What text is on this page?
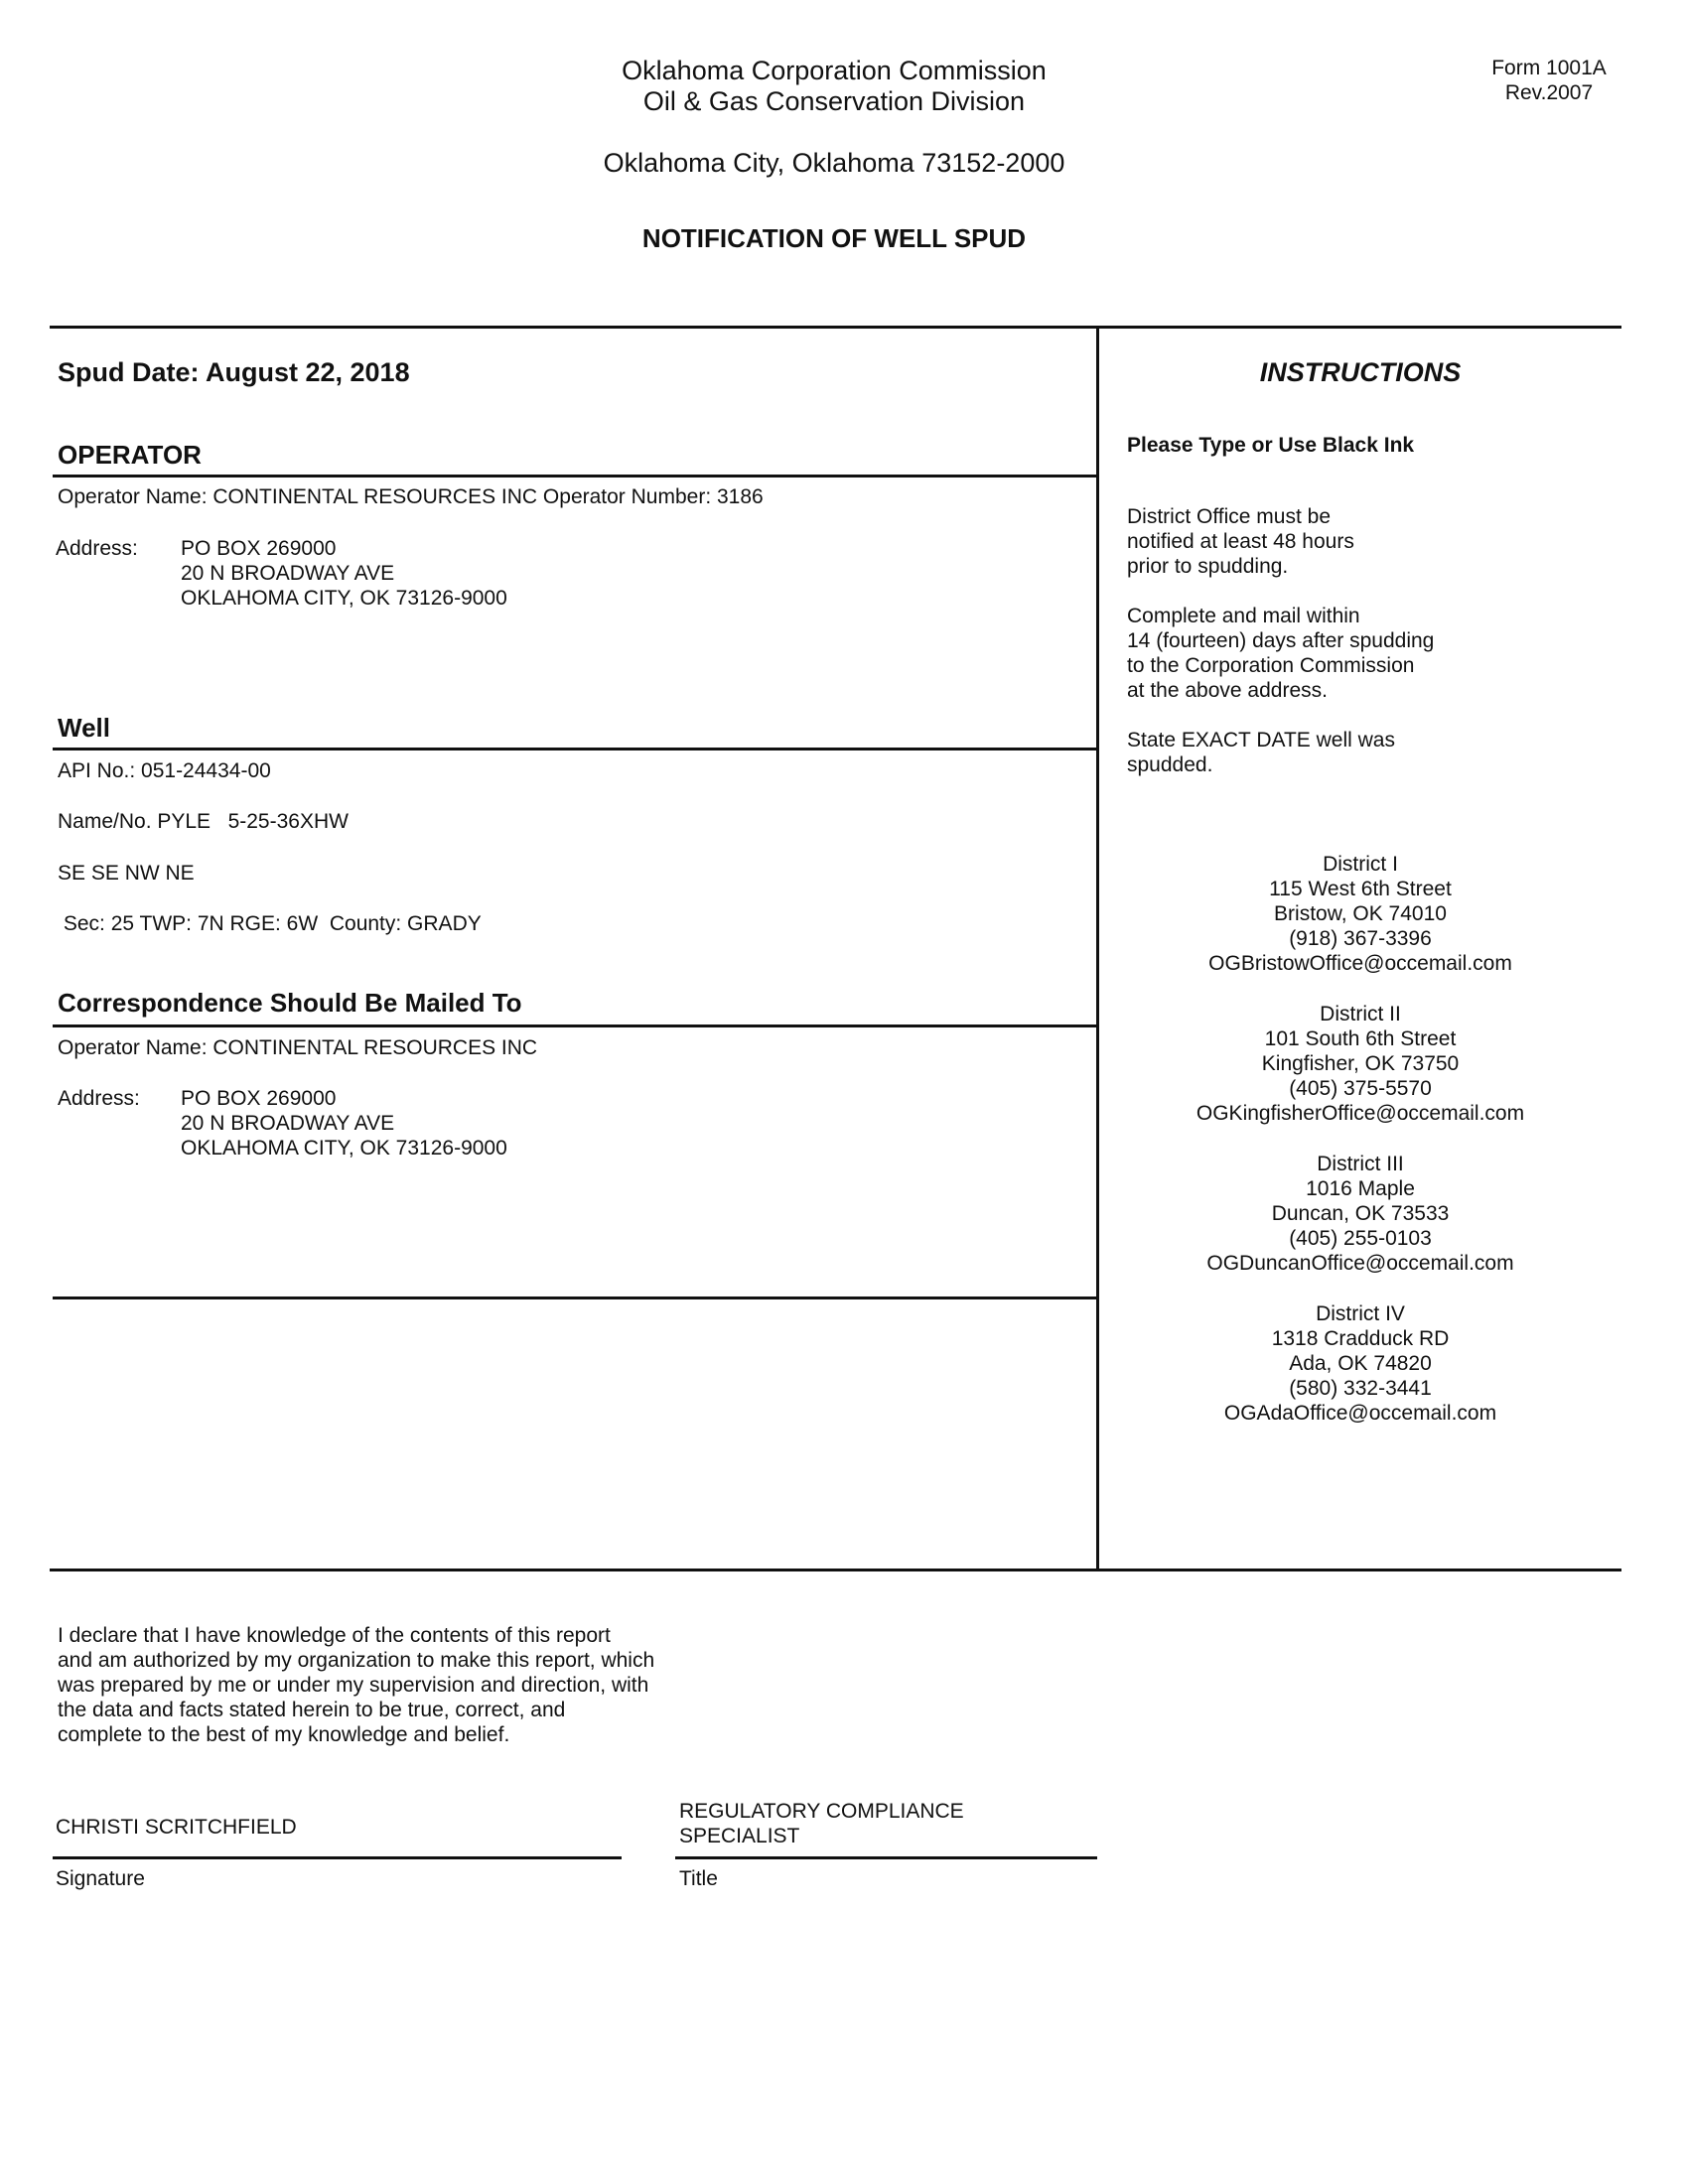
Oklahoma Corporation Commission
Oil & Gas Conservation Division
Oklahoma City, Oklahoma 73152-2000
NOTIFICATION OF WELL SPUD
Form 1001A
Rev.2007
Spud Date: August 22, 2018
OPERATOR
Operator Name: CONTINENTAL RESOURCES INC Operator Number: 3186
Address: PO BOX 269000
20 N BROADWAY AVE
OKLAHOMA CITY, OK 73126-9000
Well
API No.: 051-24434-00
Name/No. PYLE   5-25-36XHW
SE SE NW NE
Sec: 25 TWP: 7N RGE: 6W  County: GRADY
Correspondence Should Be Mailed To
Operator Name: CONTINENTAL RESOURCES INC
Address: PO BOX 269000
20 N BROADWAY AVE
OKLAHOMA CITY, OK 73126-9000
INSTRUCTIONS
Please Type or Use Black Ink
District Office must be
notified at least 48 hours
prior to spudding.
Complete and mail within
14 (fourteen) days after spudding
to the Corporation Commission
at the above address.
State EXACT DATE well was
spudded.
District I
115 West 6th Street
Bristow, OK 74010
(918) 367-3396
OGBristowOffice@occemail.com
District II
101 South 6th Street
Kingfisher, OK 73750
(405) 375-5570
OGKingfisherOffice@occemail.com
District III
1016 Maple
Duncan, OK 73533
(405) 255-0103
OGDuncanOffice@occemail.com
District IV
1318 Cradduck RD
Ada, OK 74820
(580) 332-3441
OGAdaOffice@occemail.com
I declare that I have knowledge of the contents of this report
and am authorized by my organization to make this report, which
was prepared by me or under my supervision and direction, with
the data and facts stated herein to be true, correct, and
complete to the best of my knowledge and belief.
CHRISTI SCRITCHFIELD
Signature
REGULATORY COMPLIANCE
SPECIALIST
Title
